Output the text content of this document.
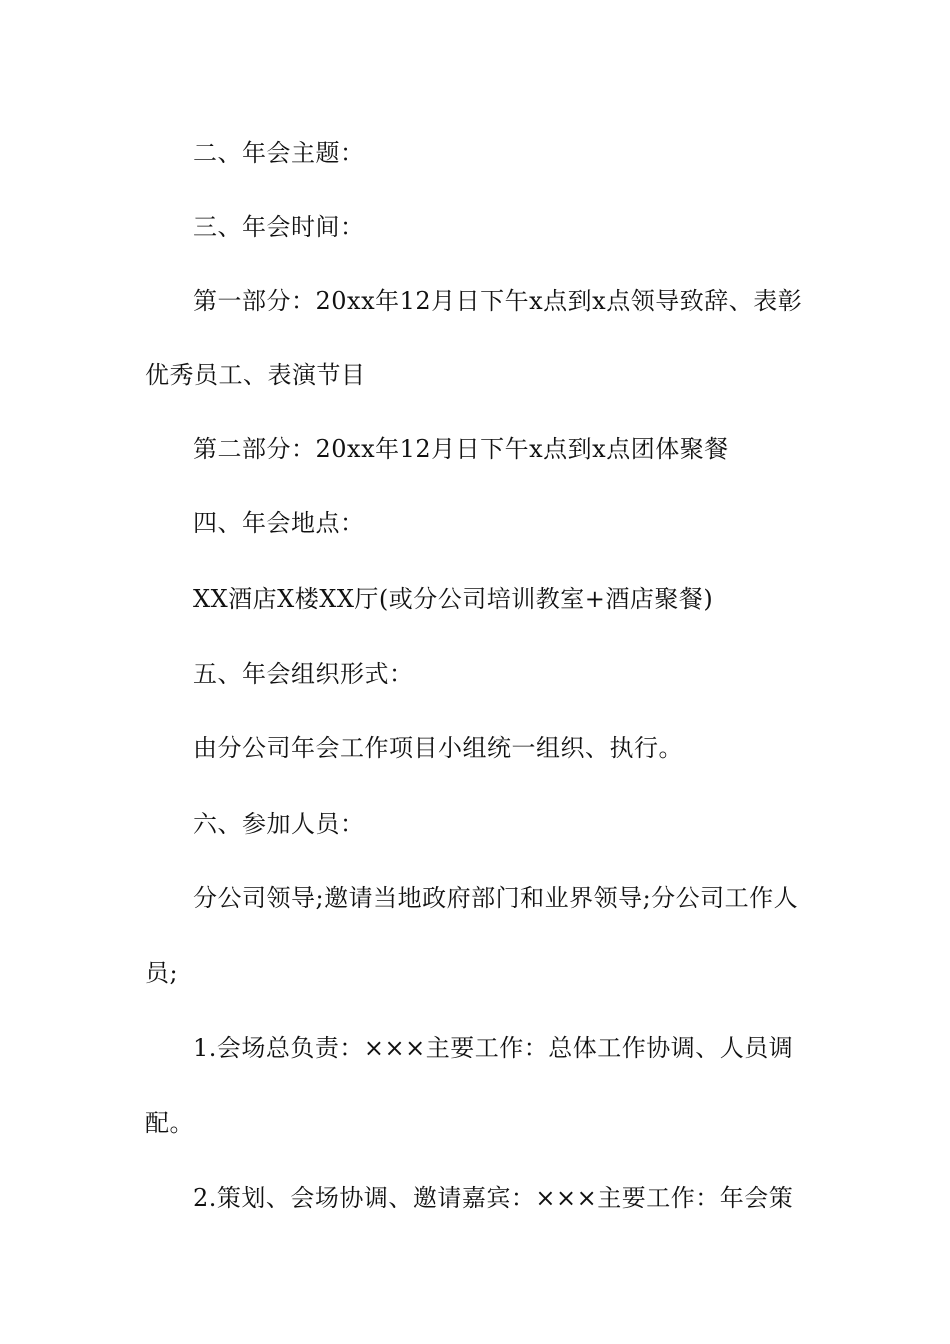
二、年会主题：
三、年会时间：
第一部分：20xx年12月日下午x点到x点领导致辞、表彰
优秀员工、表演节目
第二部分：20xx年12月日下午x点到x点团体聚餐
四、年会地点：
XX酒店X楼XX厅(或分公司培训教室+酒店聚餐)
五、年会组织形式：
由分公司年会工作项目小组统一组织、执行。
六、参加人员：
分公司领导;邀请当地政府部门和业界领导;分公司工作人
员;
1.会场总负责：×××主要工作：总体工作协调、人员调
配。
2.策划、会场协调、邀请嘉宾：×××主要工作：年会策
